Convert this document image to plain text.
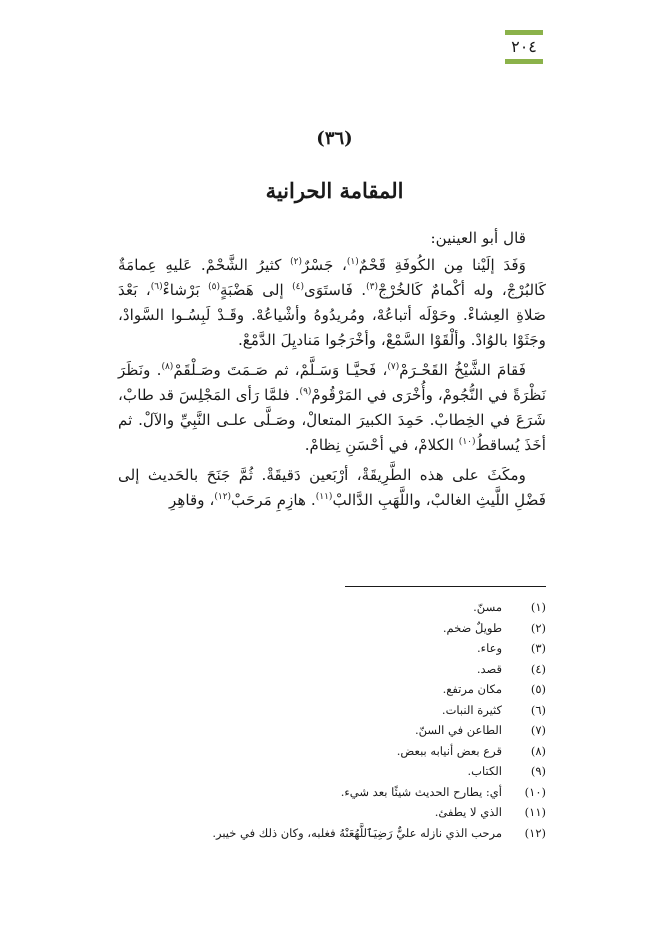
٢٠٤
(٣٦)
المقامة الحرانية

قال أبو العينين:

وَفَدَ إلَيْنا مِن الكُوفَةِ قَحْمٌ$^{(١)}$، جَسْرٌ$^{(٢)}$ كثيرُ الشَّحْمْ. عَليهِ عِمامَةٌ كَالبُرْجْ، وله أكْمامٌ كَالخُرْجْ$^{(٣)}$. فَاستَوَى$^{(٤)}$ إلى هَضْبَةٍ$^{(٥)}$ بَرْشاءْ$^{(٦)}$، بَعْدَ صَلاةِ العِشاءْ. وحَوْلَه أتباعُهْ، ومُريدُوهُ وأشْياعُهْ. وقَـدْ لَبِسُـوا السَّوادْ، وجَثَوْا بالوُادْ. وألْقَوْا السَّمْعْ، وأخْرَجُوا مَناديِلَ الدَّمْعْ.

فَقامَ الشَّيْخُ القَحْـرَمْ$^{(٧)}$، فَحيَّـا وَسَـلَّمْ، ثم صَـمَتَ وصَـلْقَمْ$^{(٨)}$. ونَظَرَ نَظْرَةً في النُّجُومْ، وأُخْرَى في المَرْقُومْ$^{(٩)}$. فلمَّا رَأى المَجْلِسَ قد طابْ، شَرَعَ في الخِطابْ. حَمِدَ الكبيرَ المتعالْ، وصَـلَّى علـى النَّبِيِّ والآلْ. ثم أخَذَ يُساقطُ$^{(١٠)}$ الكلامْ، في أحْسَنِ نِظامْ.

ومكَثَ على هذه الطَّرِيقَةْ، أرْبَعين دَقيقَةْ. ثُمَّ جَنَحَ بالحَديث إلى فَضْلِ اللَّيثِ الغالبْ، واللَّهَبِ الدَّالبْ$^{(١١)}$. هازِمِ مَرحَبْ$^{(١٢)}$، وقاهِرِ

(١)
مسنّ.
(٢)
طويلٌ ضخم.
(٣)
وعاء.
(٤)
قصد.
(٥)
مكان مرتفع.
(٦)
كثيرة النبات.
(٧)
الطاعن في السنّ.
(٨)
قرع بعض أنيابه ببعض.
(٩)
الكتاب.
(١٠)
أي: يطارح الحديث شيئًا بعد شيء.
(١١)
الذي لا يطفئ.
(١٢)
مرحب الذي نازله عليٌّ رَضِيَٱللَّهُعَنْهُ فغلبه، وكان ذلك في خيبر.
